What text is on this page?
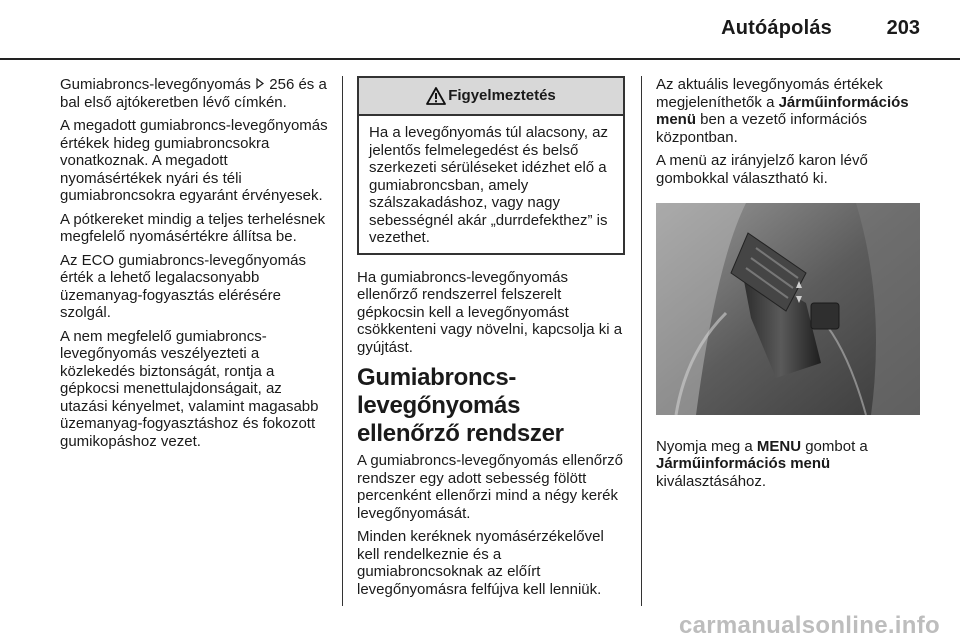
Autóápolás	203

Gumiabroncs-levegőnyomás 256 és a bal első ajtókeretben lévő címkén.

A megadott gumiabroncs-levegőnyomás értékek hideg gumiabroncsokra vonatkoznak. A megadott nyomásértékek nyári és téli gumiabroncsokra egyaránt érvényesek.

A pótkereket mindig a teljes terhelésnek megfelelő nyomásértékre állítsa be.

Az ECO gumiabroncs-levegőnyomás érték a lehető legalacsonyabb üzemanyag-fogyasztás elérésére szolgál.

A nem megfelelő gumiabroncs-levegőnyomás veszélyezteti a közlekedés biztonságát, rontja a gépkocsi menettulajdonságait, az utazási kényelmet, valamint magasabb üzemanyag-fogyasztáshoz és fokozott gumikopáshoz vezet.

Figyelmeztetés
Ha a levegőnyomás túl alacsony, az jelentős felmelegedést és belső szerkezeti sérüléseket idézhet elő a gumiabroncsban, amely szálszakadáshoz, vagy nagy sebességnél akár „durrdefekthez” is vezethet.

Ha gumiabroncs-levegőnyomás ellenőrző rendszerrel felszerelt gépkocsin kell a levegőnyomást csökkenteni vagy növelni, kapcsolja ki a gyújtást.

Gumiabroncs-levegőnyomás ellenőrző rendszer

A gumiabroncs-levegőnyomás ellenőrző rendszer egy adott sebesség fölött percenként ellenőrzi mind a négy kerék levegőnyomását.

Minden keréknek nyomásérzékelővel kell rendelkeznie és a gumiabroncsoknak az előírt levegőnyomásra felfújva kell lenniük.

Az aktuális levegőnyomás értékek megjeleníthetők a Járműinformációs menü ben a vezető információs központban.

A menü az irányjelző karon lévő gombokkal választható ki.

Nyomja meg a MENU gombot a Járműinformációs menü
kiválasztásához.

carmanualsonline.info
